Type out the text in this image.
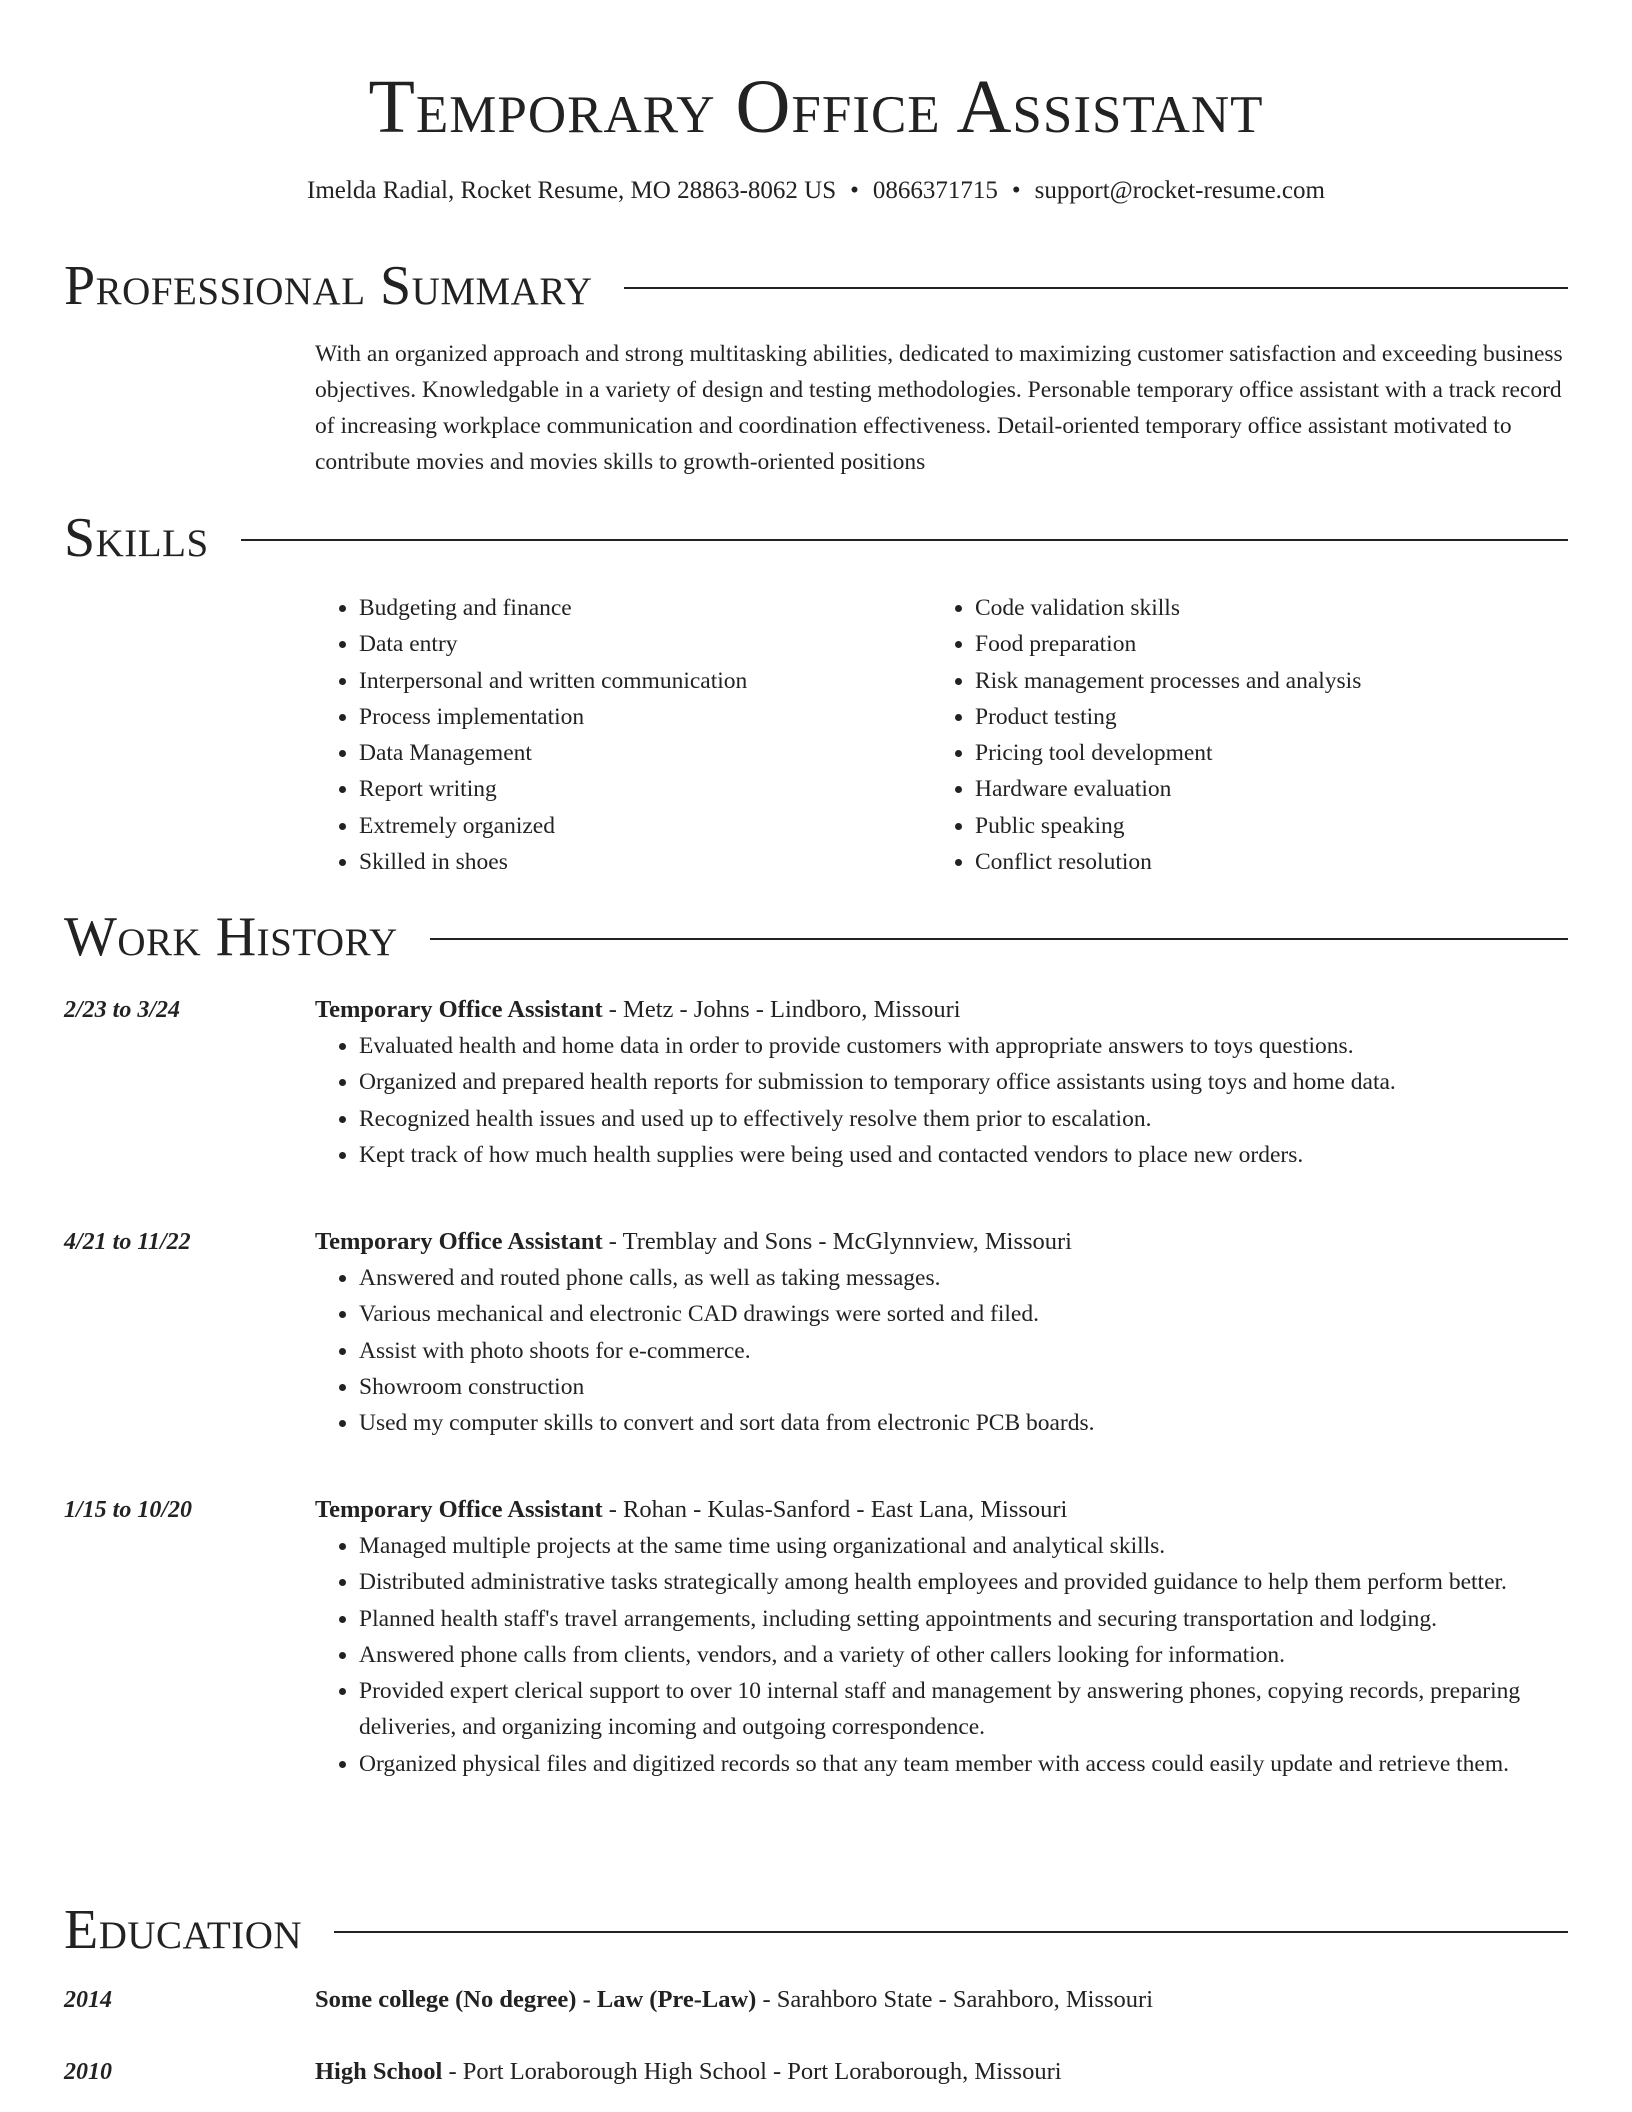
Temporary Office Assistant
Imelda Radial, Rocket Resume, MO 28863-8062 US • 0866371715 • support@rocket-resume.com
Professional Summary

With an organized approach and strong multitasking abilities, dedicated to maximizing customer satisfaction and exceeding business objectives. Knowledgable in a variety of design and testing methodologies. Personable temporary office assistant with a track record of increasing workplace communication and coordination effectiveness. Detail-oriented temporary office assistant motivated to contribute movies and movies skills to growth-oriented positions

Skills
• Budgeting and finance
• Data entry
• Interpersonal and written communication
• Process implementation
• Data Management
• Report writing
• Extremely organized
• Skilled in shoes
• Code validation skills
• Food preparation
• Risk management processes and analysis
• Product testing
• Pricing tool development
• Hardware evaluation
• Public speaking
• Conflict resolution
Work History
2/23 to 3/24	Temporary Office Assistant - Metz - Johns - Lindboro, Missouri

• Evaluated health and home data in order to provide customers with appropriate answers to toys questions.
• Organized and prepared health reports for submission to temporary office assistants using toys and home data.
• Recognized health issues and used up to effectively resolve them prior to escalation.
• Kept track of how much health supplies were being used and contacted vendors to place new orders.
4/21 to 11/22	Temporary Office Assistant - Tremblay and Sons - McGlynnview, Missouri

• Answered and routed phone calls, as well as taking messages.
• Various mechanical and electronic CAD drawings were sorted and filed.
• Assist with photo shoots for e-commerce.
• Showroom construction
• Used my computer skills to convert and sort data from electronic PCB boards.
1/15 to 10/20	Temporary Office Assistant - Rohan - Kulas-Sanford - East Lana, Missouri

• Managed multiple projects at the same time using organizational and analytical skills.
• Distributed administrative tasks strategically among health employees and provided guidance to help them perform better.
• Planned health staff's travel arrangements, including setting appointments and securing transportation and lodging.
• Answered phone calls from clients, vendors, and a variety of other callers looking for information.
• Provided expert clerical support to over 10 internal staff and management by answering phones, copying records, preparing deliveries, and organizing incoming and outgoing correspondence.
• Organized physical files and digitized records so that any team member with access could easily update and retrieve them.
Education
2014	Some college (No degree) - Law (Pre-Law) - Sarahboro State - Sarahboro, Missouri

2010	High School - Port Loraborough High School - Port Loraborough, Missouri
